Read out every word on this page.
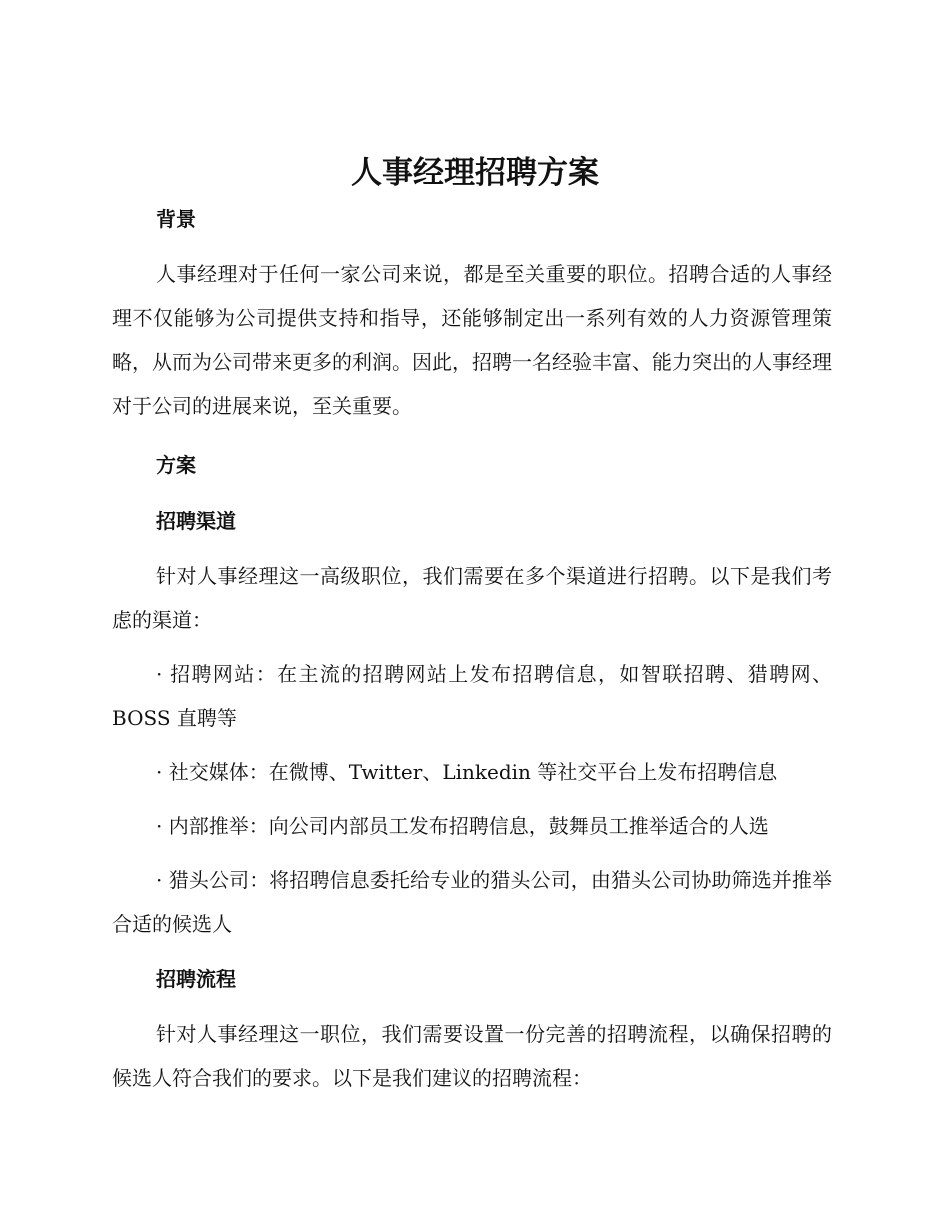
人事经理招聘方案
背景

人事经理对于任何一家公司来说，都是至关重要的职位。招聘合适的人事经理不仅能够为公司提供支持和指导，还能够制定出一系列有效的人力资源管理策略，从而为公司带来更多的利润。因此，招聘一名经验丰富、能力突出的人事经理对于公司的进展来说，至关重要。

方案
招聘渠道

针对人事经理这一高级职位，我们需要在多个渠道进行招聘。以下是我们考虑的渠道：

· 招聘网站：在主流的招聘网站上发布招聘信息，如智联招聘、猎聘网、BOSS 直聘等

· 社交媒体：在微博、Twitter、Linkedin 等社交平台上发布招聘信息

· 内部推举：向公司内部员工发布招聘信息，鼓舞员工推举适合的人选

· 猎头公司：将招聘信息委托给专业的猎头公司，由猎头公司协助筛选并推举合适的候选人

招聘流程

针对人事经理这一职位，我们需要设置一份完善的招聘流程，以确保招聘的候选人符合我们的要求。以下是我们建议的招聘流程：
